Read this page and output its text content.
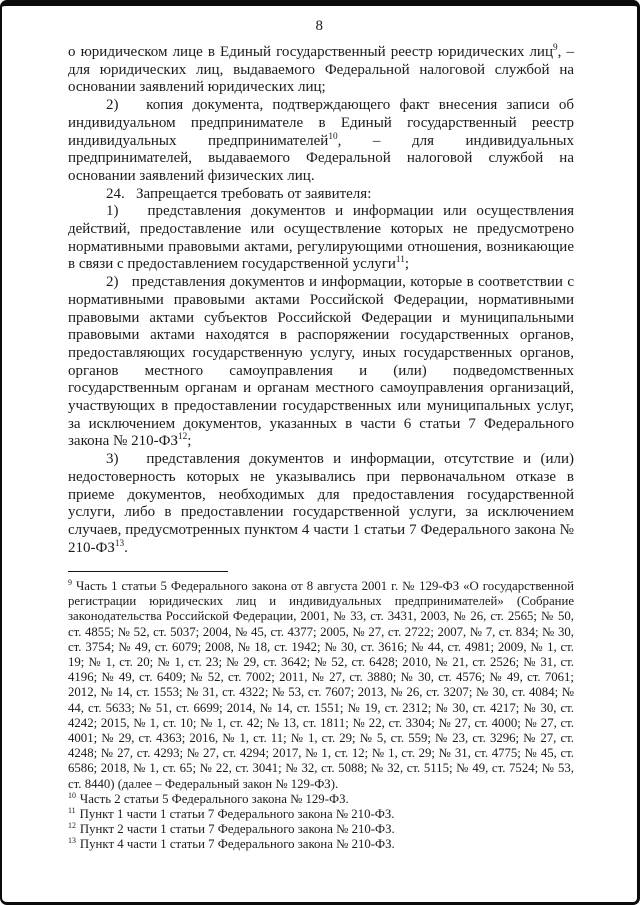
8

о юридическом лице в Единый государственный реестр юридических лиц$^9$, – для юридических лиц, выдаваемого Федеральной налоговой службой на основании заявлений юридических лиц;

2)   копия документа, подтверждающего факт внесения записи об индивидуальном предпринимателе в Единый государственный реестр индивидуальных предпринимателей$^{10}$, – для индивидуальных предпринимателей, выдаваемого Федеральной налоговой службой на основании заявлений физических лиц.

24.   Запрещается требовать от заявителя:

1)   представления документов и информации или осуществления действий, предоставление или осуществление которых не предусмотрено нормативными правовыми актами, регулирующими отношения, возникающие в связи с предоставлением государственной услуги$^{11}$;

2)   представления документов и информации, которые в соответствии с нормативными правовыми актами Российской Федерации, нормативными правовыми актами субъектов Российской Федерации и муниципальными правовыми актами находятся в распоряжении государственных органов, предоставляющих государственную услугу, иных государственных органов, органов местного самоуправления и (или) подведомственных государственным органам и органам местного самоуправления организаций, участвующих в предоставлении государственных или муниципальных услуг, за исключением документов, указанных в части 6 статьи 7 Федерального закона № 210-ФЗ$^{12}$;

3)   представления документов и информации, отсутствие и (или) недостоверность которых не указывались при первоначальном отказе в приеме документов, необходимых для предоставления государственной услуги, либо в предоставлении государственной услуги, за исключением случаев, предусмотренных пунктом 4 части 1 статьи 7 Федерального закона № 210-ФЗ$^{13}$.

$^9$ Часть 1 статьи 5 Федерального закона от 8 августа 2001 г. № 129-ФЗ «О государственной регистрации юридических лиц и индивидуальных предпринимателей» (Собрание законодательства Российской Федерации, 2001, № 33, ст. 3431, 2003, № 26, ст. 2565; № 50, ст. 4855; № 52, ст. 5037; 2004, № 45, ст. 4377; 2005, № 27, ст. 2722; 2007, № 7, ст. 834; № 30, ст. 3754; № 49, ст. 6079; 2008, № 18, ст. 1942; № 30, ст. 3616; № 44, ст. 4981; 2009, № 1, ст. 19; № 1, ст. 20; № 1, ст. 23; № 29, ст. 3642; № 52, ст. 6428; 2010, № 21, ст. 2526; № 31, ст. 4196; № 49, ст. 6409; № 52, ст. 7002; 2011, № 27, ст. 3880; № 30, ст. 4576; № 49, ст. 7061; 2012, № 14, ст. 1553; № 31, ст. 4322; № 53, ст. 7607; 2013, № 26, ст. 3207; № 30, ст. 4084; № 44, ст. 5633; № 51, ст. 6699; 2014, № 14, ст. 1551; № 19, ст. 2312; № 30, ст. 4217; № 30, ст. 4242; 2015, № 1, ст. 10; № 1, ст. 42; № 13, ст. 1811; № 22, ст. 3304; № 27, ст. 4000; № 27, ст. 4001; № 29, ст. 4363; 2016, № 1, ст. 11; № 1, ст. 29; № 5, ст. 559; № 23, ст. 3296; № 27, ст. 4248; № 27, ст. 4293; № 27, ст. 4294; 2017, № 1, ст. 12; № 1, ст. 29; № 31, ст. 4775; № 45, ст. 6586; 2018, № 1, ст. 65; № 22, ст. 3041; № 32, ст. 5088; № 32, ст. 5115; № 49, ст. 7524; № 53, ст. 8440) (далее – Федеральный закон № 129-ФЗ).

$^{10}$ Часть 2 статьи 5 Федерального закона № 129-ФЗ.

$^{11}$ Пункт 1 части 1 статьи 7 Федерального закона № 210-ФЗ.

$^{12}$ Пункт 2 части 1 статьи 7 Федерального закона № 210-ФЗ.

$^{13}$ Пункт 4 части 1 статьи 7 Федерального закона № 210-ФЗ.
